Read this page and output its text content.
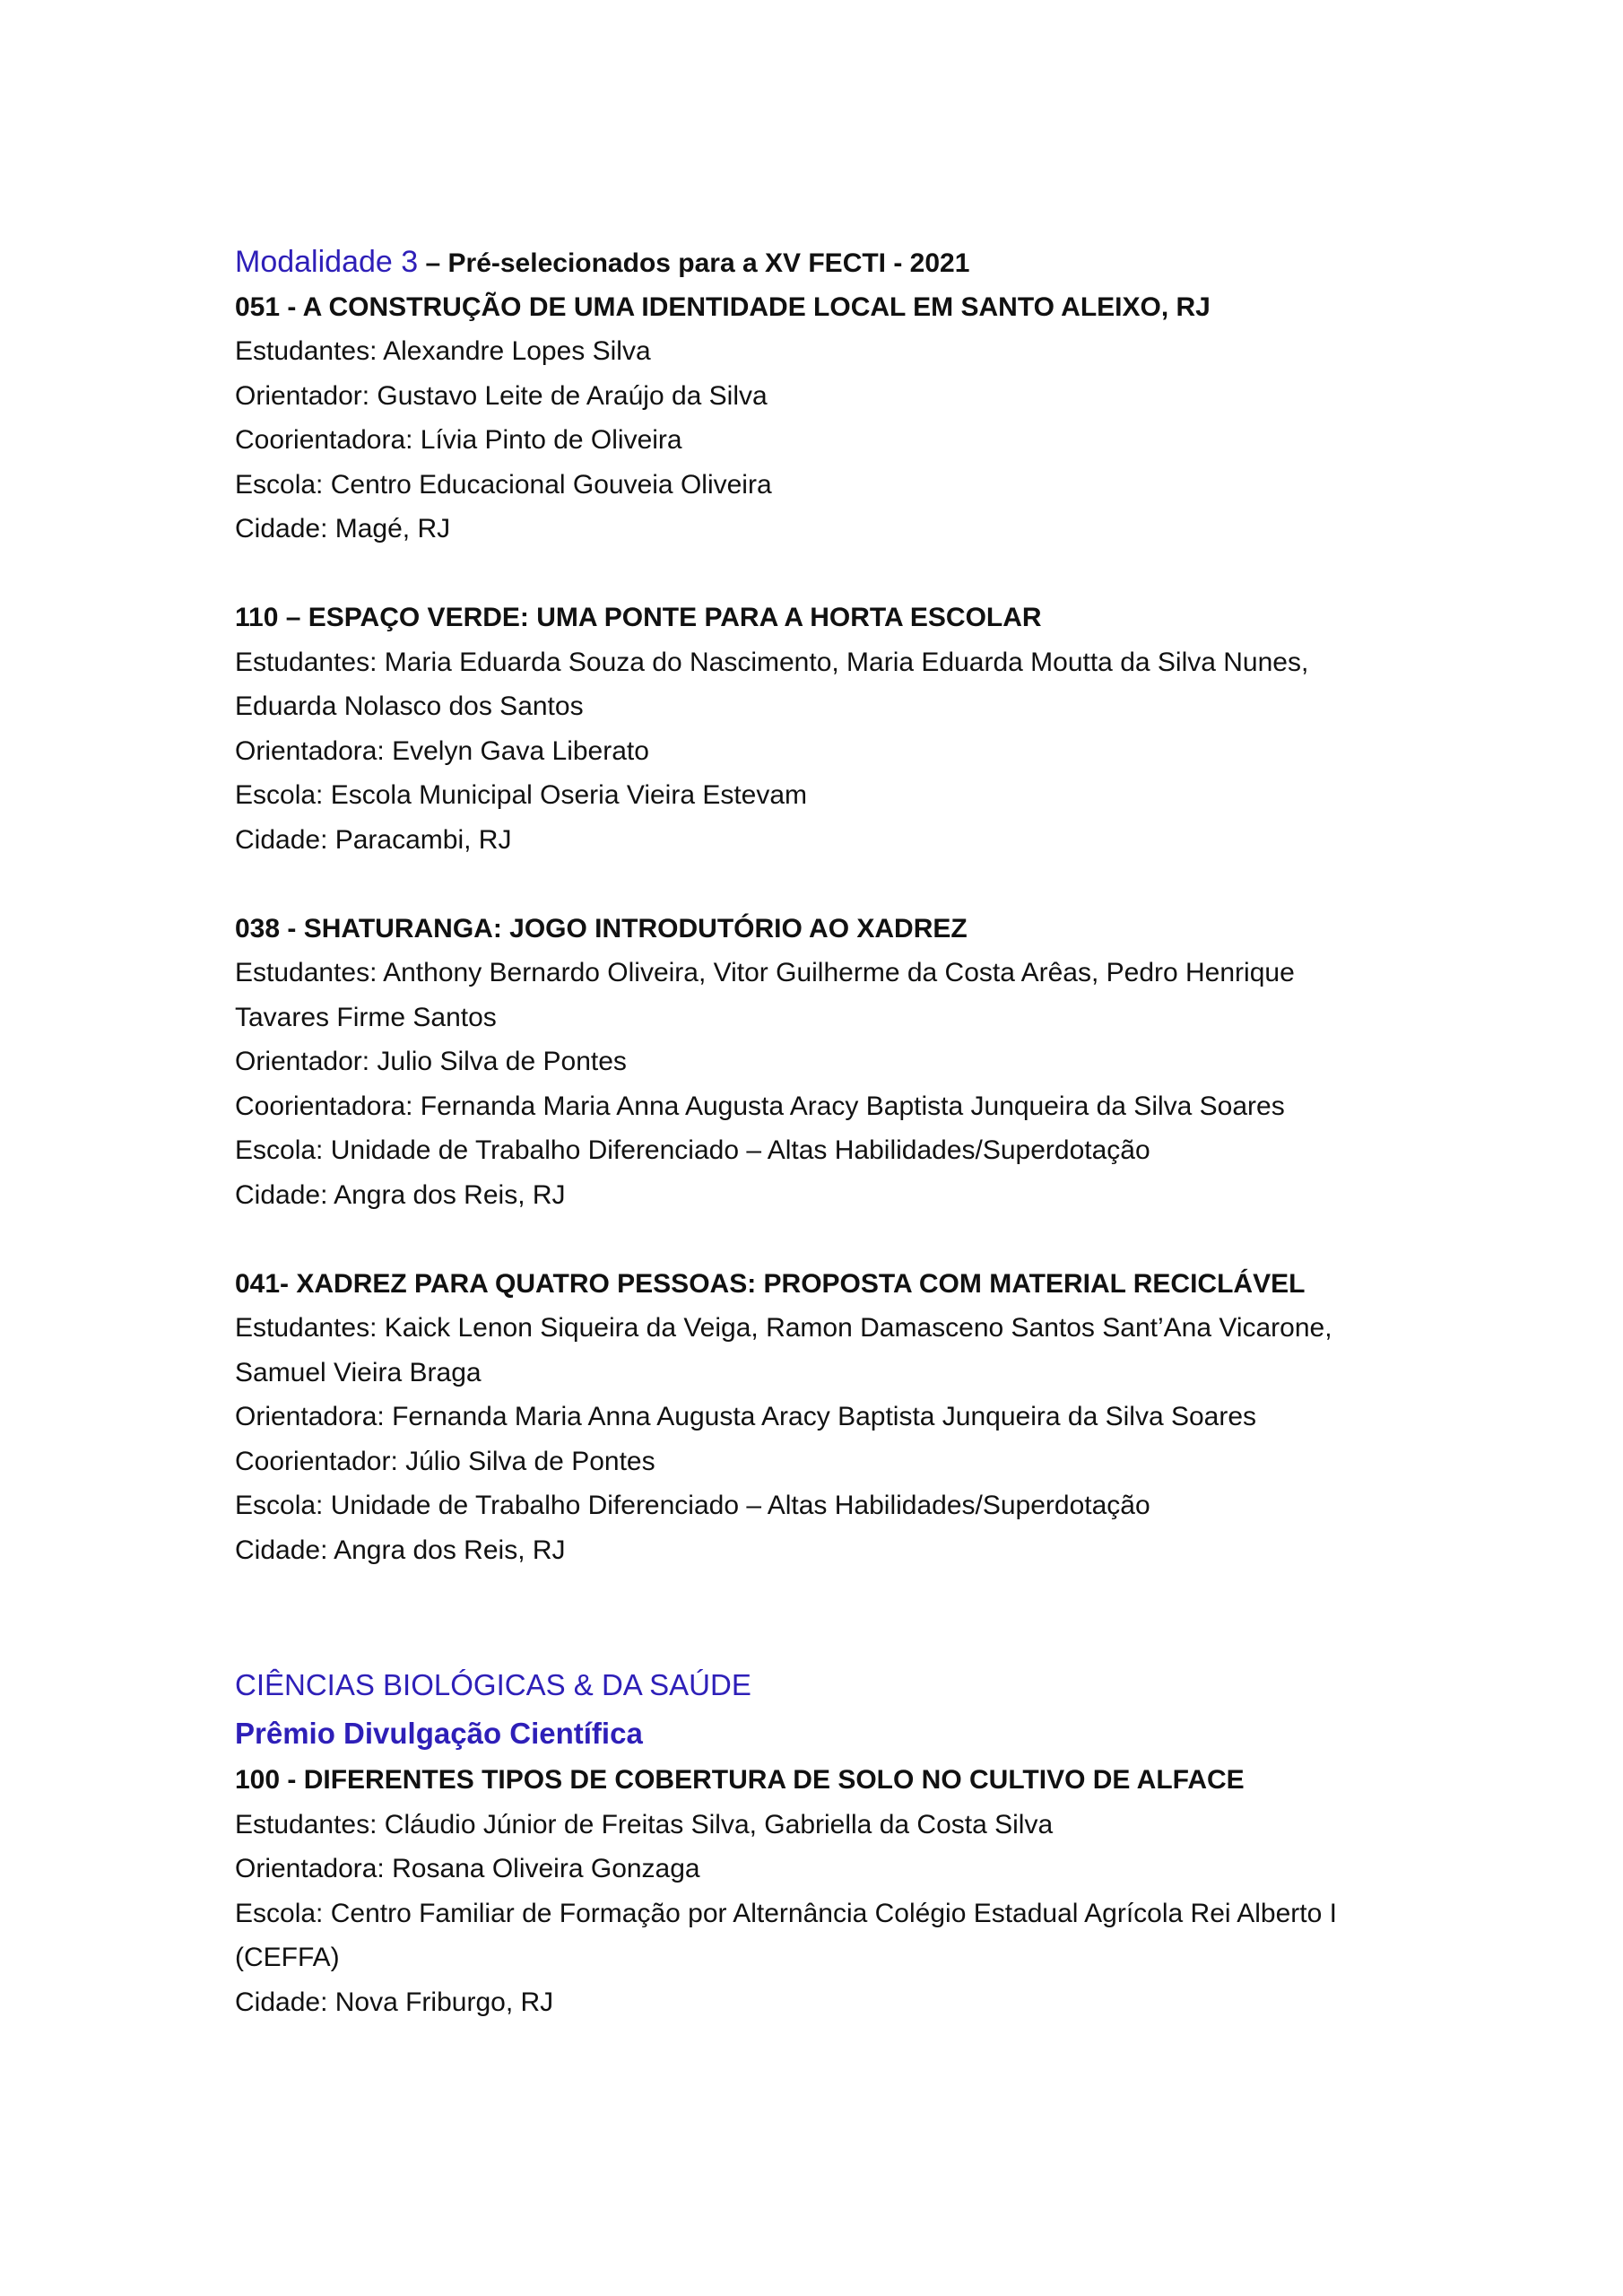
Modalidade 3 – Pré-selecionados para a XV FECTI - 2021
051 - A CONSTRUÇÃO DE UMA IDENTIDADE LOCAL EM SANTO ALEIXO, RJ
Estudantes: Alexandre Lopes Silva
Orientador: Gustavo Leite de Araújo da Silva
Coorientadora: Lívia Pinto de Oliveira
Escola: Centro Educacional Gouveia Oliveira
Cidade: Magé, RJ
110 – ESPAÇO VERDE: UMA PONTE PARA A HORTA ESCOLAR
Estudantes: Maria Eduarda Souza do Nascimento, Maria Eduarda Moutta da Silva Nunes,
Eduarda Nolasco dos Santos
Orientadora: Evelyn Gava Liberato
Escola: Escola Municipal Oseria Vieira Estevam
Cidade: Paracambi, RJ
038 - SHATURANGA: JOGO INTRODUTÓRIO AO XADREZ
Estudantes: Anthony Bernardo Oliveira, Vitor Guilherme da Costa Arêas, Pedro Henrique
Tavares Firme Santos
Orientador: Julio Silva de Pontes
Coorientadora: Fernanda Maria Anna Augusta Aracy Baptista Junqueira da Silva Soares
Escola: Unidade de Trabalho Diferenciado – Altas Habilidades/Superdotação
Cidade: Angra dos Reis, RJ
041- XADREZ PARA QUATRO PESSOAS: PROPOSTA COM MATERIAL RECICLÁVEL
Estudantes: Kaick Lenon Siqueira da Veiga, Ramon Damasceno Santos Sant’Ana Vicarone,
Samuel Vieira Braga
Orientadora: Fernanda Maria Anna Augusta Aracy Baptista Junqueira da Silva Soares
Coorientador: Júlio Silva de Pontes
Escola: Unidade de Trabalho Diferenciado – Altas Habilidades/Superdotação
Cidade: Angra dos Reis, RJ
CIÊNCIAS BIOLÓGICAS & DA SAÚDE
Prêmio Divulgação Científica
100 - DIFERENTES TIPOS DE COBERTURA DE SOLO NO CULTIVO DE ALFACE
Estudantes: Cláudio Júnior de Freitas Silva, Gabriella da Costa Silva
Orientadora: Rosana Oliveira Gonzaga
Escola: Centro Familiar de Formação por Alternância Colégio Estadual Agrícola Rei Alberto I
(CEFFA)
Cidade: Nova Friburgo, RJ
